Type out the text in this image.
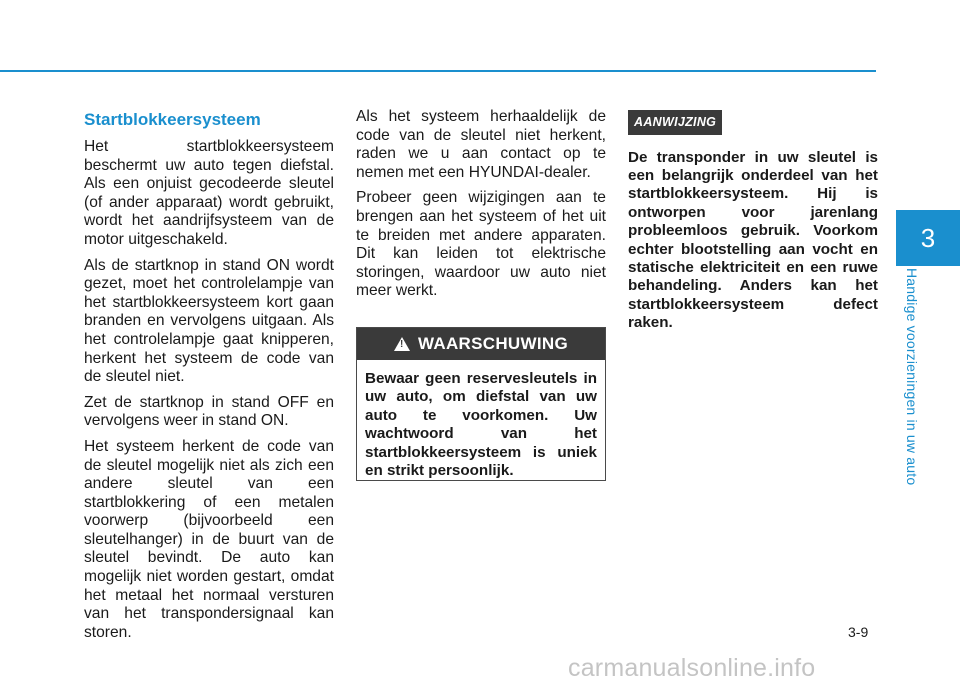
3
Handige voorzieningen in uw auto
Startblokkeersysteem

Het startblokkeersysteem beschermt uw auto tegen diefstal. Als een onjuist gecodeerde sleutel (of ander apparaat) wordt gebruikt, wordt het aandrijfsysteem van de motor uitgeschakeld.

Als de startknop in stand ON wordt gezet, moet het controlelampje van het startblokkeersysteem kort gaan branden en vervolgens uitgaan. Als het controlelampje gaat knipperen, herkent het systeem de code van de sleutel niet.

Zet de startknop in stand OFF en vervolgens weer in stand ON.

Het systeem herkent de code van de sleutel mogelijk niet als zich een andere sleutel van een startblokkering of een metalen voorwerp (bijvoorbeeld een sleutelhanger) in de buurt van de sleutel bevindt. De auto kan mogelijk niet worden gestart, omdat het metaal het normaal versturen van het transpondersignaal kan storen.

Als het systeem herhaaldelijk de code van de sleutel niet herkent, raden we u aan contact op te nemen met een HYUNDAI-dealer.

Probeer geen wijzigingen aan te brengen aan het systeem of het uit te breiden met andere apparaten. Dit kan leiden tot elektrische storingen, waardoor uw auto niet meer werkt.

!
WAARSCHUWING
Bewaar geen reservesleutels in uw auto, om diefstal van uw auto te voorkomen. Uw wachtwoord van het startblokkeersysteem is uniek en strikt persoonlijk.
AANWIJZING
De transponder in uw sleutel is een belangrijk onderdeel van het startblokkeersysteem. Hij is ontworpen voor jarenlang probleemloos gebruik. Voorkom echter blootstelling aan vocht en statische elektriciteit en een ruwe behandeling. Anders kan het startblokkeersysteem defect raken.
3-9
carmanualsonline.info
